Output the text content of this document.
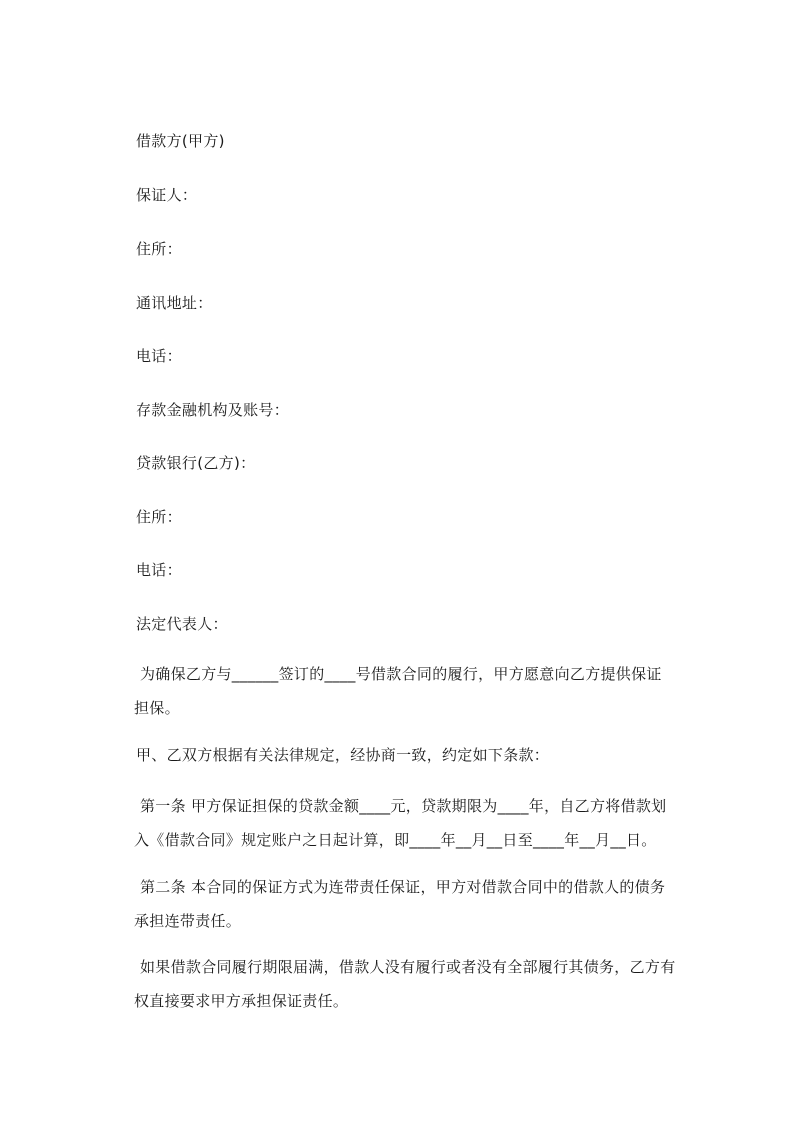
借款方(甲方)
保证人：
住所：
通讯地址：
电话：
存款金融机构及账号：
贷款银行(乙方)：
住所：
电话：
法定代表人：
为确保乙方与______签订的____号借款合同的履行，甲方愿意向乙方提供保证
担保。
甲、乙双方根据有关法律规定，经协商一致，约定如下条款：
第一条 甲方保证担保的贷款金额____元，贷款期限为____年，自乙方将借款划
入《借款合同》规定账户之日起计算，即____年__月__日至____年__月__日。
第二条 本合同的保证方式为连带责任保证，甲方对借款合同中的借款人的债务
承担连带责任。
如果借款合同履行期限届满，借款人没有履行或者没有全部履行其债务，乙方有
权直接要求甲方承担保证责任。
